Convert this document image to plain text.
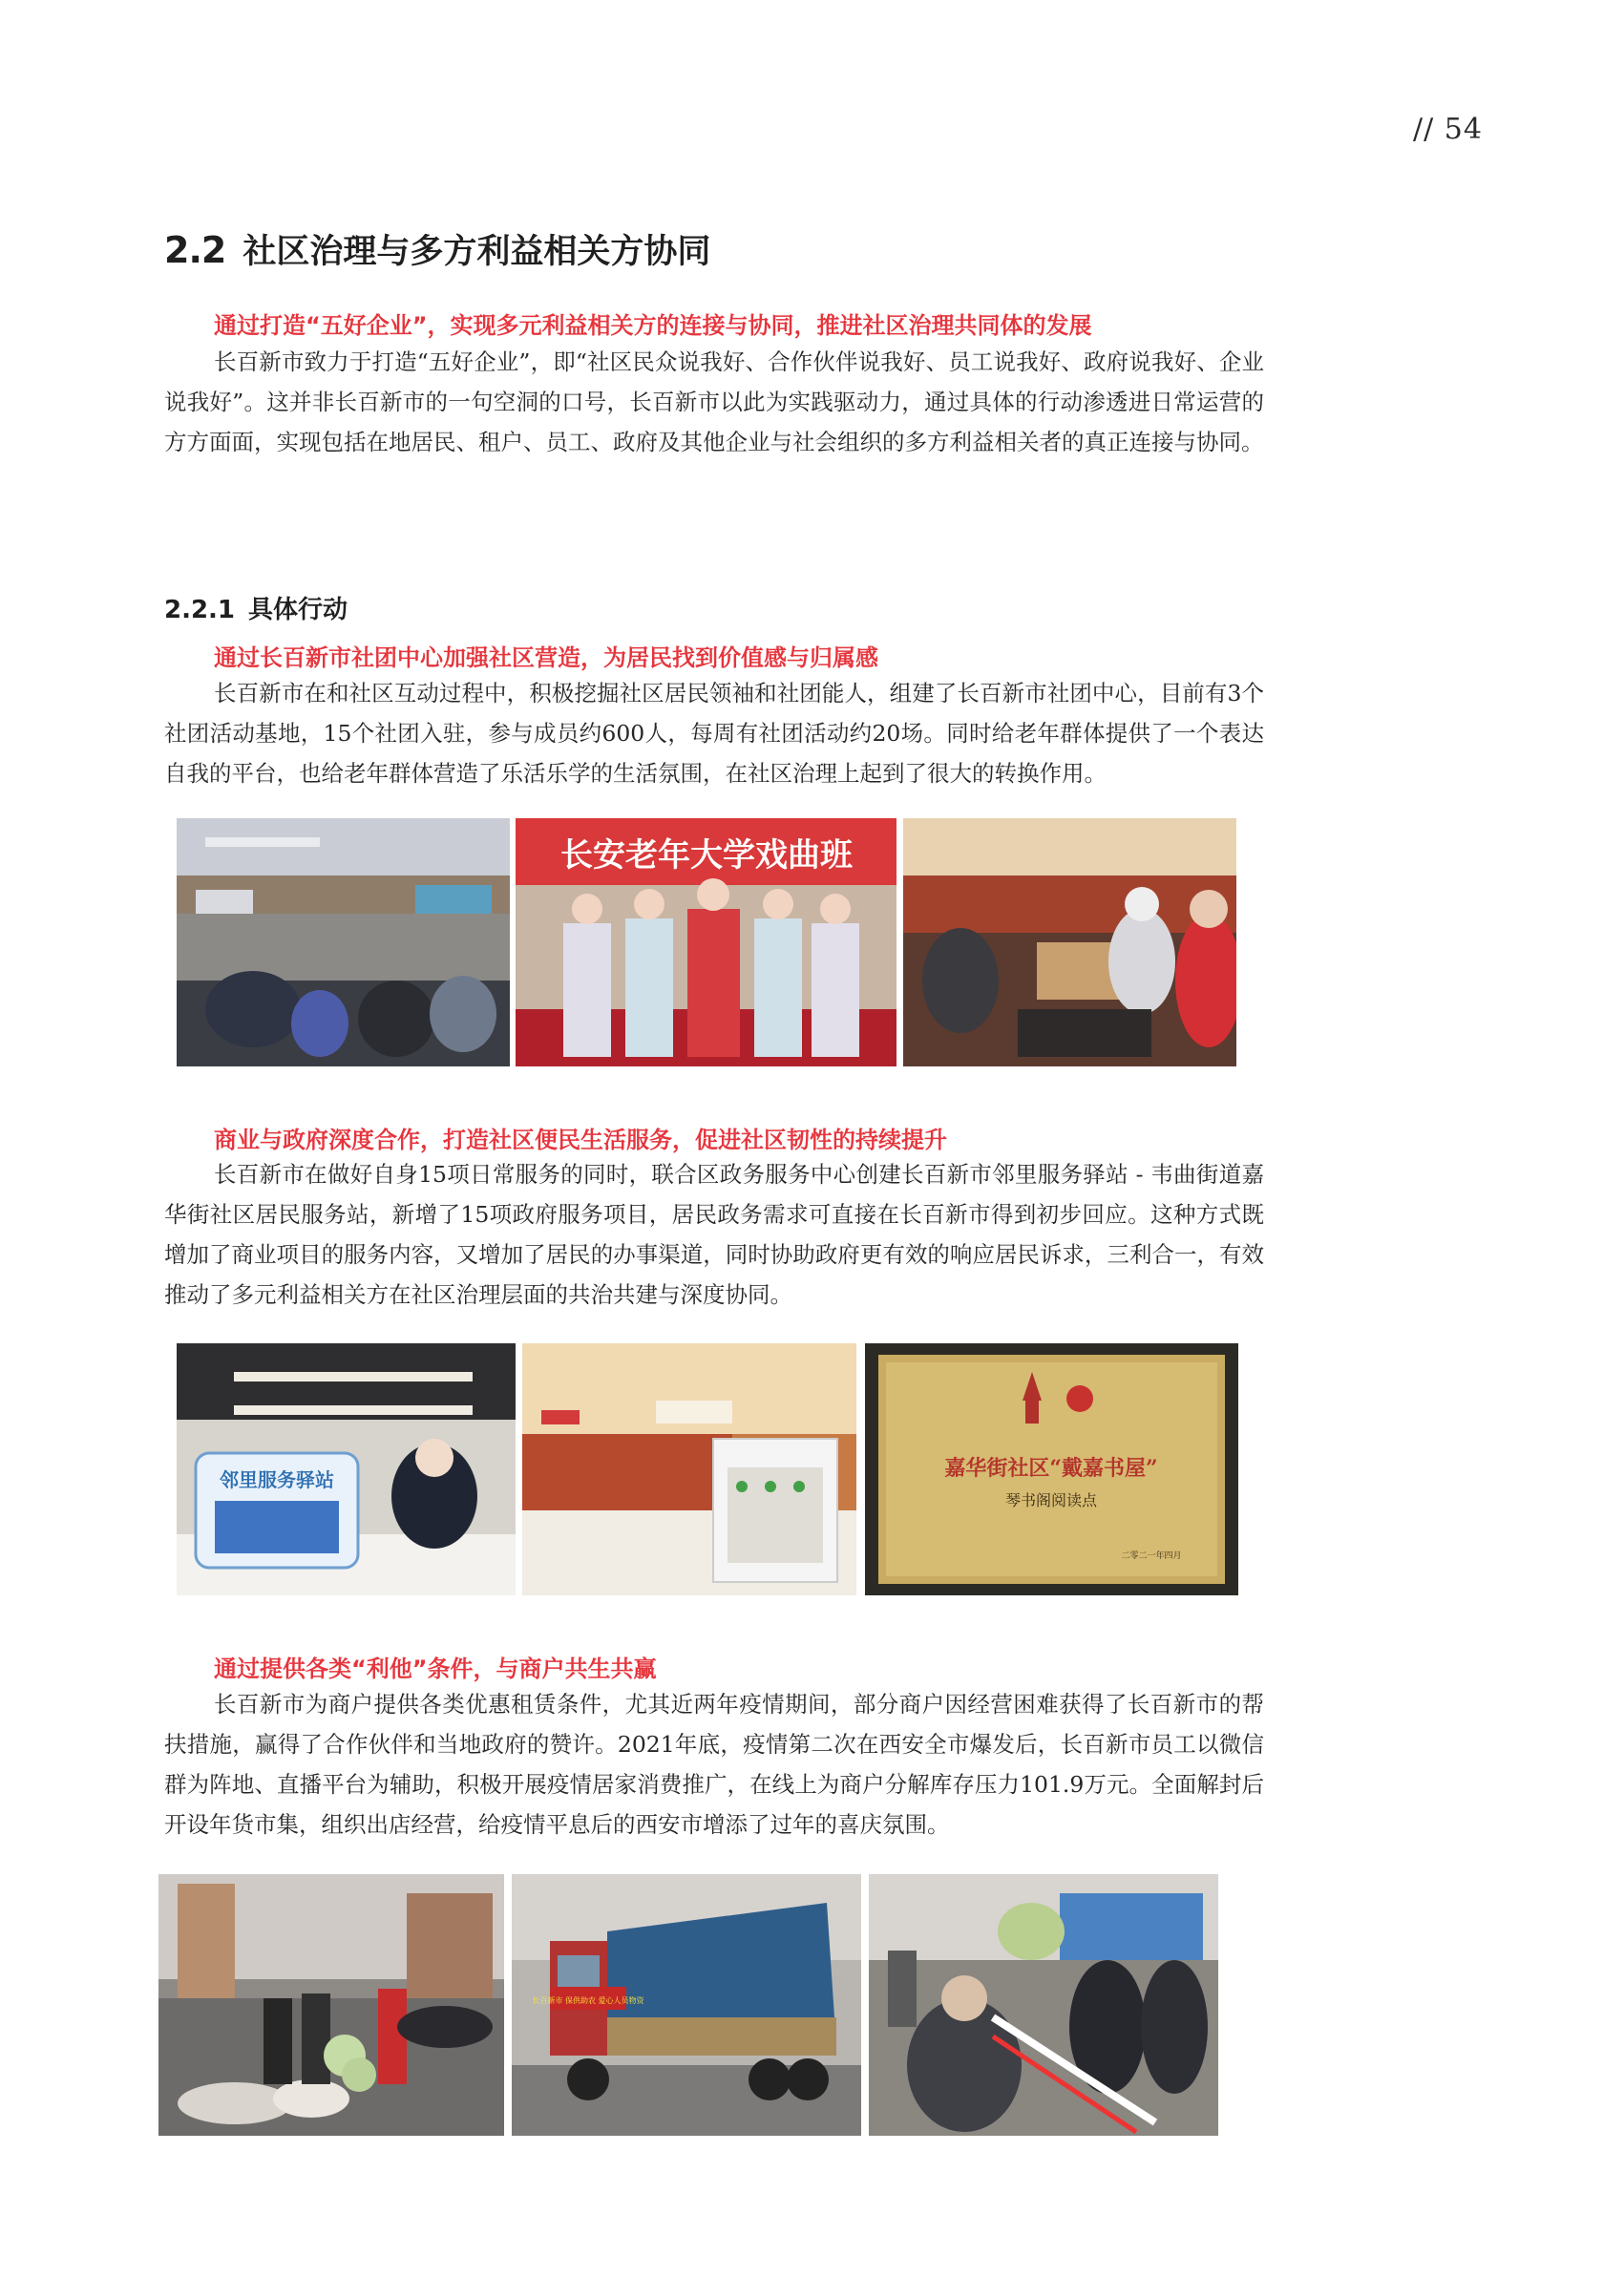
// 54
2.2 社区治理与多方利益相关方协同
通过打造“五好企业”，实现多元利益相关方的连接与协同，推进社区治理共同体的发展

长百新市致力于打造“五好企业”，即“社区民众说我好、合作伙伴说我好、员工说我好、政府说我好、企业说我好”。这并非长百新市的一句空洞的口号，长百新市以此为实践驱动力，通过具体的行动渗透进日常运营的方方面面，实现包括在地居民、租户、员工、政府及其他企业与社会组织的多方利益相关者的真正连接与协同。

2.2.1 具体行动
通过长百新市社团中心加强社区营造，为居民找到价值感与归属感

长百新市在和社区互动过程中，积极挖掘社区居民领袖和社团能人，组建了长百新市社团中心，目前有3个社团活动基地，15个社团入驻，参与成员约600人，每周有社团活动约20场。同时给老年群体提供了一个表达自我的平台，也给老年群体营造了乐活乐学的生活氛围，在社区治理上起到了很大的转换作用。

长安老年大学戏曲班
商业与政府深度合作，打造社区便民生活服务，促进社区韧性的持续提升

长百新市在做好自身15项日常服务的同时，联合区政务服务中心创建长百新市邻里服务驿站 - 韦曲街道嘉华街社区居民服务站，新增了15项政府服务项目，居民政务需求可直接在长百新市得到初步回应。这种方式既增加了商业项目的服务内容，又增加了居民的办事渠道，同时协助政府更有效的响应居民诉求，三利合一，有效推动了多元利益相关方在社区治理层面的共治共建与深度协同。

邻里服务驿站	嘉华街社区“戴嘉书屋”
琴书阁阅读点
二零二一年四月
通过提供各类“利他”条件，与商户共生共赢

长百新市为商户提供各类优惠租赁条件，尤其近两年疫情期间，部分商户因经营困难获得了长百新市的帮扶措施，赢得了合作伙伴和当地政府的赞许。2021年底，疫情第二次在西安全市爆发后，长百新市员工以微信群为阵地、直播平台为辅助，积极开展疫情居家消费推广，在线上为商户分解库存压力101.9万元。全面解封后开设年货市集，组织出店经营，给疫情平息后的西安市增添了过年的喜庆氛围。

长百新市 保供助农 爱心人员物资
